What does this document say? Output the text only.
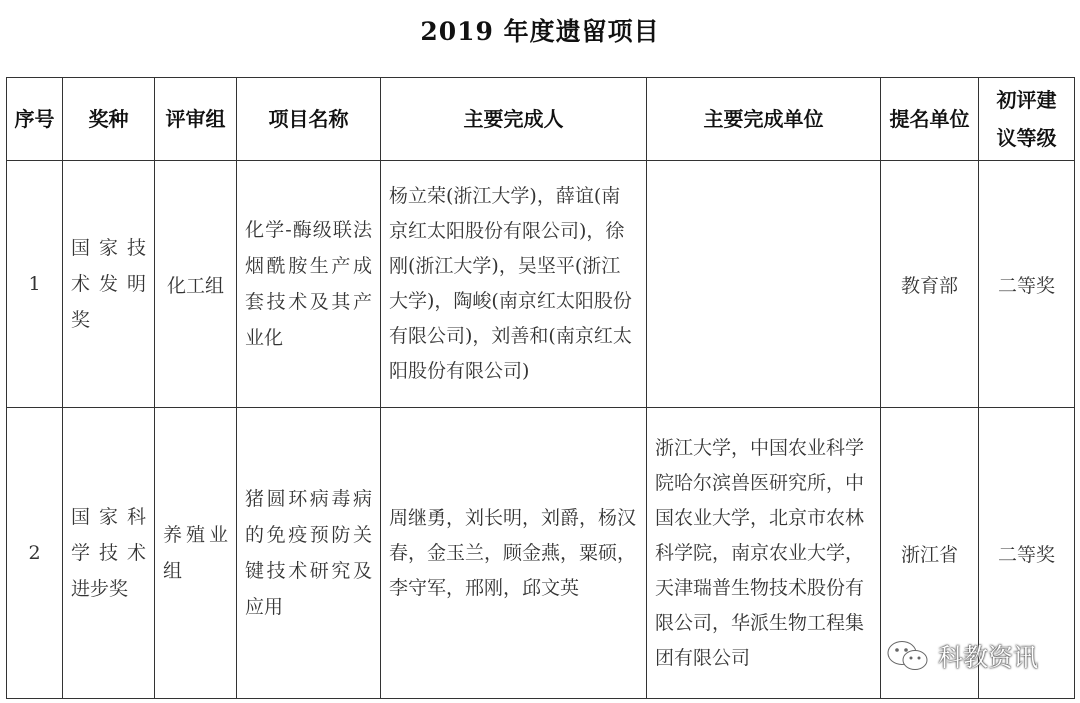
2019 年度遗留项目
序号	奖种	评审组	项目名称	主要完成人	主要完成单位	提名单位	初评建
议等级

1	国家技术发明奖	化工组	化学-酶级联法烟酰胺生产成套技术及其产业化	杨立荣(浙江大学)，薛谊(南京红太阳股份有限公司)，徐刚(浙江大学)，吴坚平(浙江大学)，陶峻(南京红太阳股份有限公司)，刘善和(南京红太阳股份有限公司)		教育部	二等奖
2	国家科学技术进步奖	养殖业组	猪圆环病毒病的免疫预防关键技术研究及应用	周继勇，刘长明，刘爵，杨汉春，金玉兰，顾金燕，粟硕，李守军，邢刚，邱文英	浙江大学，中国农业科学院哈尔滨兽医研究所，中国农业大学，北京市农林科学院，南京农业大学，天津瑞普生物技术股份有限公司，华派生物工程集团有限公司	浙江省	二等奖
科教资讯
